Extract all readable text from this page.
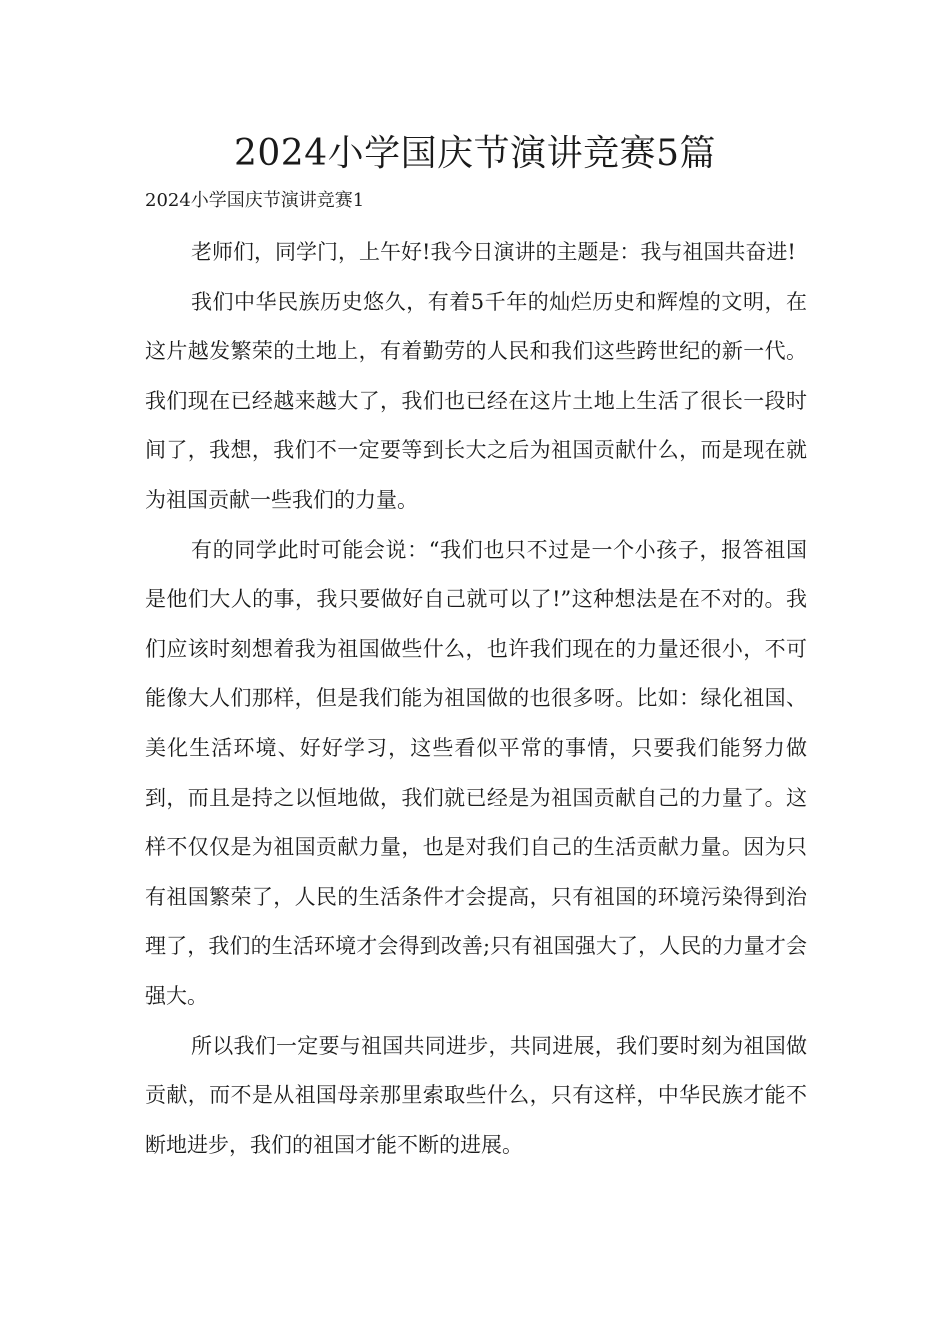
2024小学国庆节演讲竞赛5篇

2024小学国庆节演讲竞赛1

老师们，同学门，上午好!我今日演讲的主题是：我与祖国共奋进!

我们中华民族历史悠久，有着5千年的灿烂历史和辉煌的文明，在这片越发繁荣的土地上，有着勤劳的人民和我们这些跨世纪的新一代。我们现在已经越来越大了，我们也已经在这片土地上生活了很长一段时间了，我想，我们不一定要等到长大之后为祖国贡献什么，而是现在就为祖国贡献一些我们的力量。

有的同学此时可能会说：“我们也只不过是一个小孩子，报答祖国是他们大人的事，我只要做好自己就可以了!”这种想法是在不对的。我们应该时刻想着我为祖国做些什么，也许我们现在的力量还很小，不可能像大人们那样，但是我们能为祖国做的也很多呀。比如：绿化祖国、美化生活环境、好好学习，这些看似平常的事情，只要我们能努力做到，而且是持之以恒地做，我们就已经是为祖国贡献自己的力量了。这样不仅仅是为祖国贡献力量，也是对我们自己的生活贡献力量。因为只有祖国繁荣了，人民的生活条件才会提高，只有祖国的环境污染得到治理了，我们的生活环境才会得到改善;只有祖国强大了，人民的力量才会强大。

所以我们一定要与祖国共同进步，共同进展，我们要时刻为祖国做贡献，而不是从祖国母亲那里索取些什么，只有这样，中华民族才能不断地进步，我们的祖国才能不断的进展。
